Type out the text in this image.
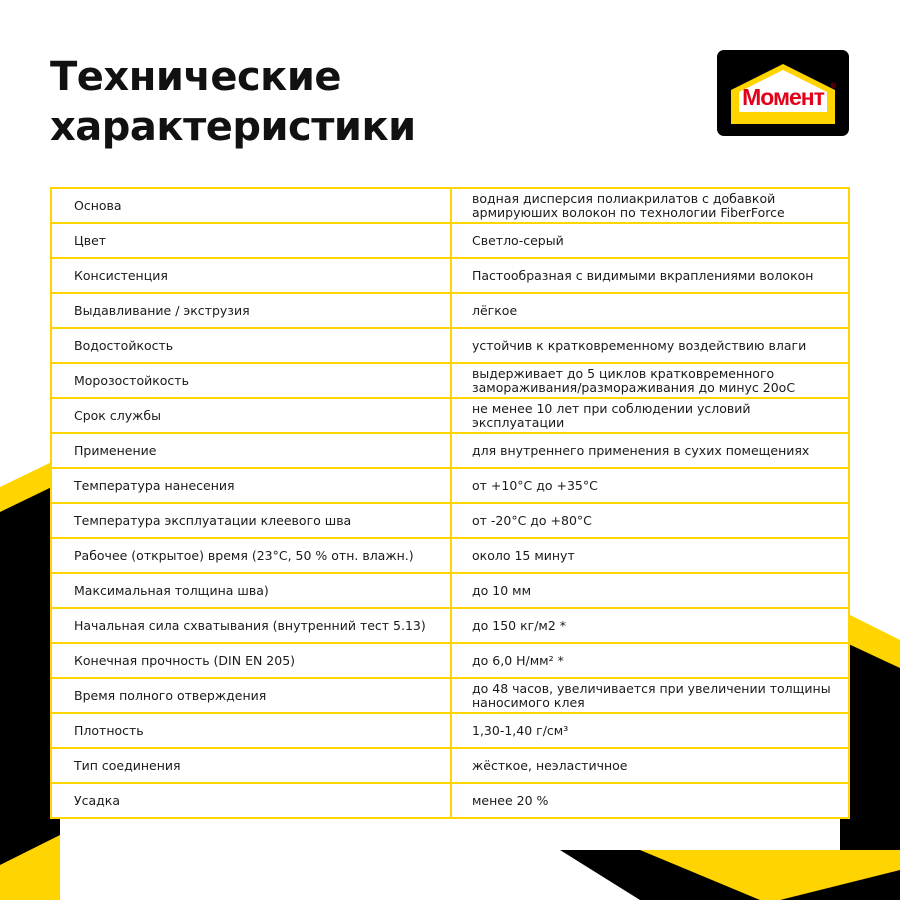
Технические
характеристики
Момент ®
Основа	водная дисперсия полиакрилатов с добавкой армируюших волокон по технологии FiberForce
Цвет	Светло-серый
Консистенция	Пастообразная с видимыми вкраплениями волокон
Выдавливание / экструзия	лёгкое
Водостойкость	устойчив к кратковременному воздействию влаги
Морозостойкость	выдерживает до 5 циклов кратковременного замораживания/размораживания до минус 20оС
Срок службы	не менее 10 лет при соблюдении условий эксплуатации
Применение	для внутреннего применения в сухих помещениях
Температура нанесения	от +10°С до +35°С
Температура эксплуатации клеевого шва	от -20°С до +80°С
Рабочее (открытое) время (23°С, 50 % отн. влажн.)	около 15 минут
Максимальная толщина шва)	до 10 мм
Начальная сила схватывания (внутренний тест 5.13)	до 150 кг/м2 *
Конечная прочность (DIN EN 205)	до 6,0 Н/мм² *
Время полного отверждения	до 48 часов, увеличивается при увеличении толщины наносимого клея
Плотность	1,30-1,40 г/см³
Тип соединения	жёсткое, неэластичное
Усадка	менее 20 %
